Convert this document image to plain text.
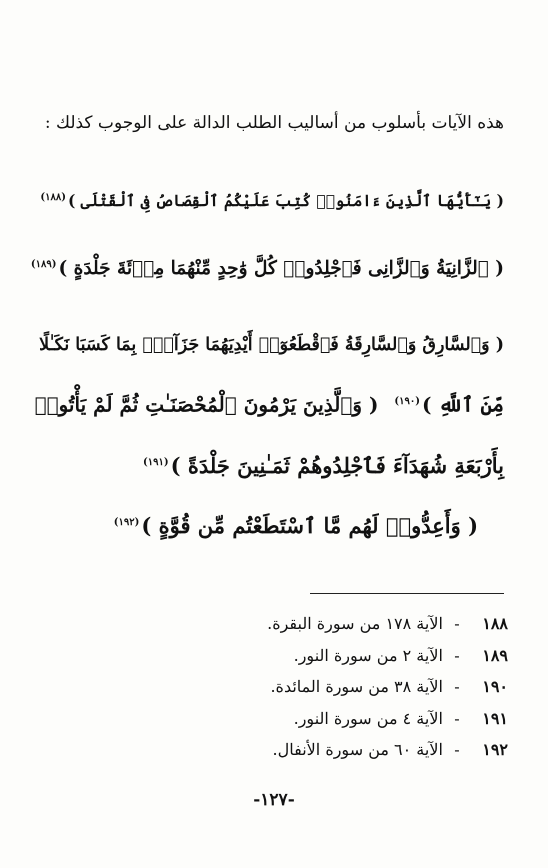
هذه الآيات بأسلوب من أساليب الطلب الدالة على الوجوب كذلك :
( يَـٰٓأَيُّهَا ٱلَّذِينَ ءَامَنُوا۟ كُتِبَ عَلَيْكُمُ ٱلْقِصَاصُ فِى ٱلْقَتْلَى )$^{(١٨٨)}$
( ٱلزَّانِيَةُ وَٱلزَّانِى فَٱجْلِدُوا۟ كُلَّ وَٰحِدٍ مِّنْهُمَا مِا۟ئَةَ جَلْدَةٍ )$^{(١٨٩)}$
( وَٱلسَّارِقُ وَٱلسَّارِقَةُ فَٱقْطَعُوٓا۟ أَيْدِيَهُمَا جَزَآءًۢ بِمَا كَسَبَا نَكَـٰلًا
مِّنَ ٱللَّهِ )$^{(١٩٠)}$  ( وَٱلَّذِينَ يَرْمُونَ ٱلْمُحْصَنَـٰتِ ثُمَّ لَمْ يَأْتُوا۟
بِأَرْبَعَةِ شُهَدَآءَ فَٱجْلِدُوهُمْ ثَمَـٰنِينَ جَلْدَةً )$^{(١٩١)}$
( وَأَعِدُّوا۟ لَهُم مَّا ٱسْتَطَعْتُم مِّن قُوَّةٍ )$^{(١٩٢)}$
١٨٨- الآية ١٧٨ من سورة البقرة.
١٨٩- الآية ٢ من سورة النور.
١٩٠- الآية ٣٨ من سورة المائدة.
١٩١- الآية ٤ من سورة النور.
١٩٢- الآية ٦٠ من سورة الأنفال.
-١٢٧-
